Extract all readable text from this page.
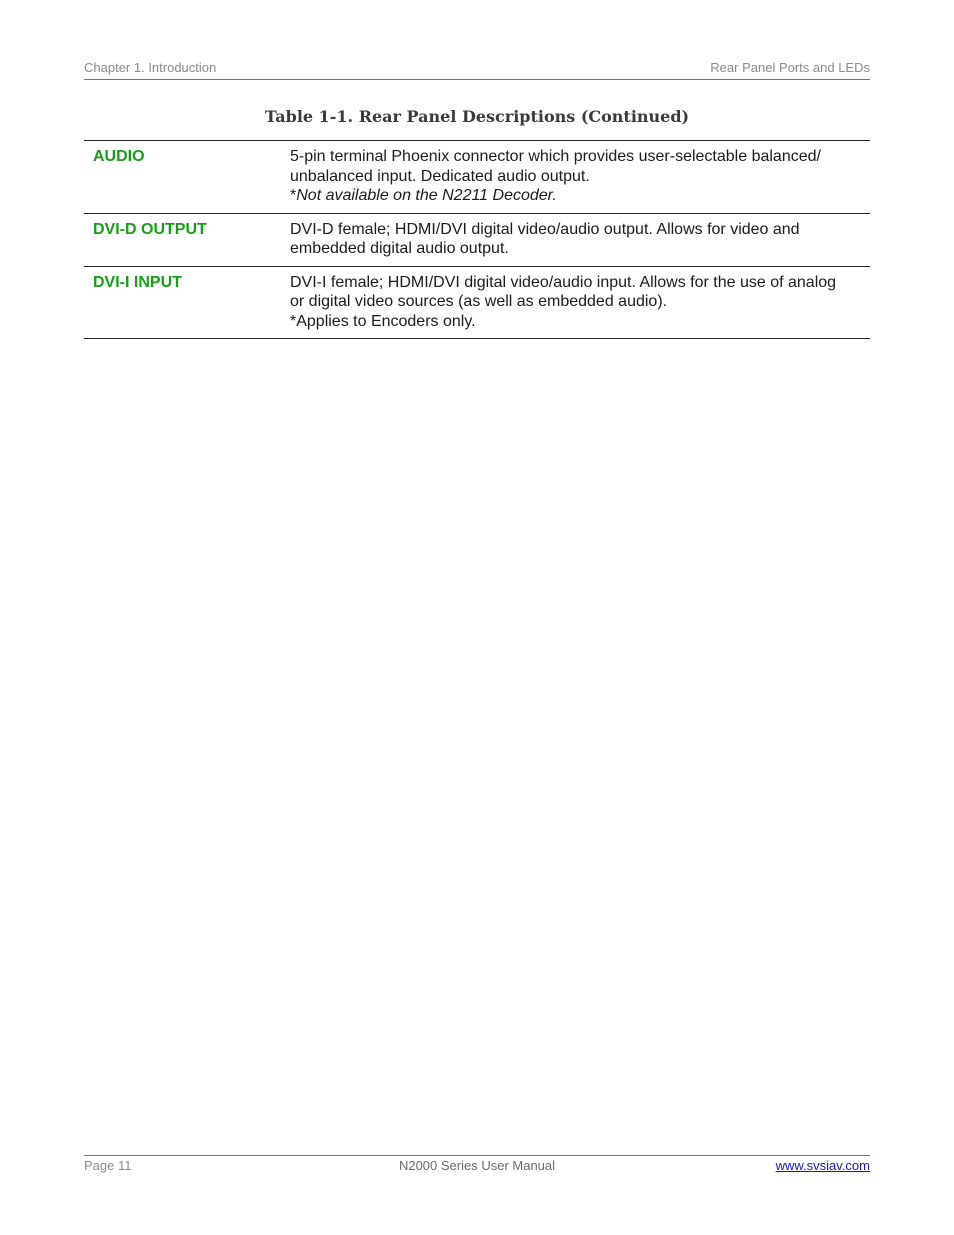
Chapter 1. Introduction	Rear Panel Ports and LEDs
Table 1-1. Rear Panel Descriptions (Continued)
AUDIO	5-pin terminal Phoenix connector which provides user-selectable balanced/
unbalanced input. Dedicated audio output.
*Not available on the N2211 Decoder.
DVI-D OUTPUT	DVI-D female; HDMI/DVI digital video/audio output. Allows for video and
embedded digital audio output.
DVI-I INPUT	DVI-I female; HDMI/DVI digital video/audio input. Allows for the use of analog
or digital video sources (as well as embedded audio).
*Applies to Encoders only.
Page 11	N2000 Series User Manual	www.svsiav.com
